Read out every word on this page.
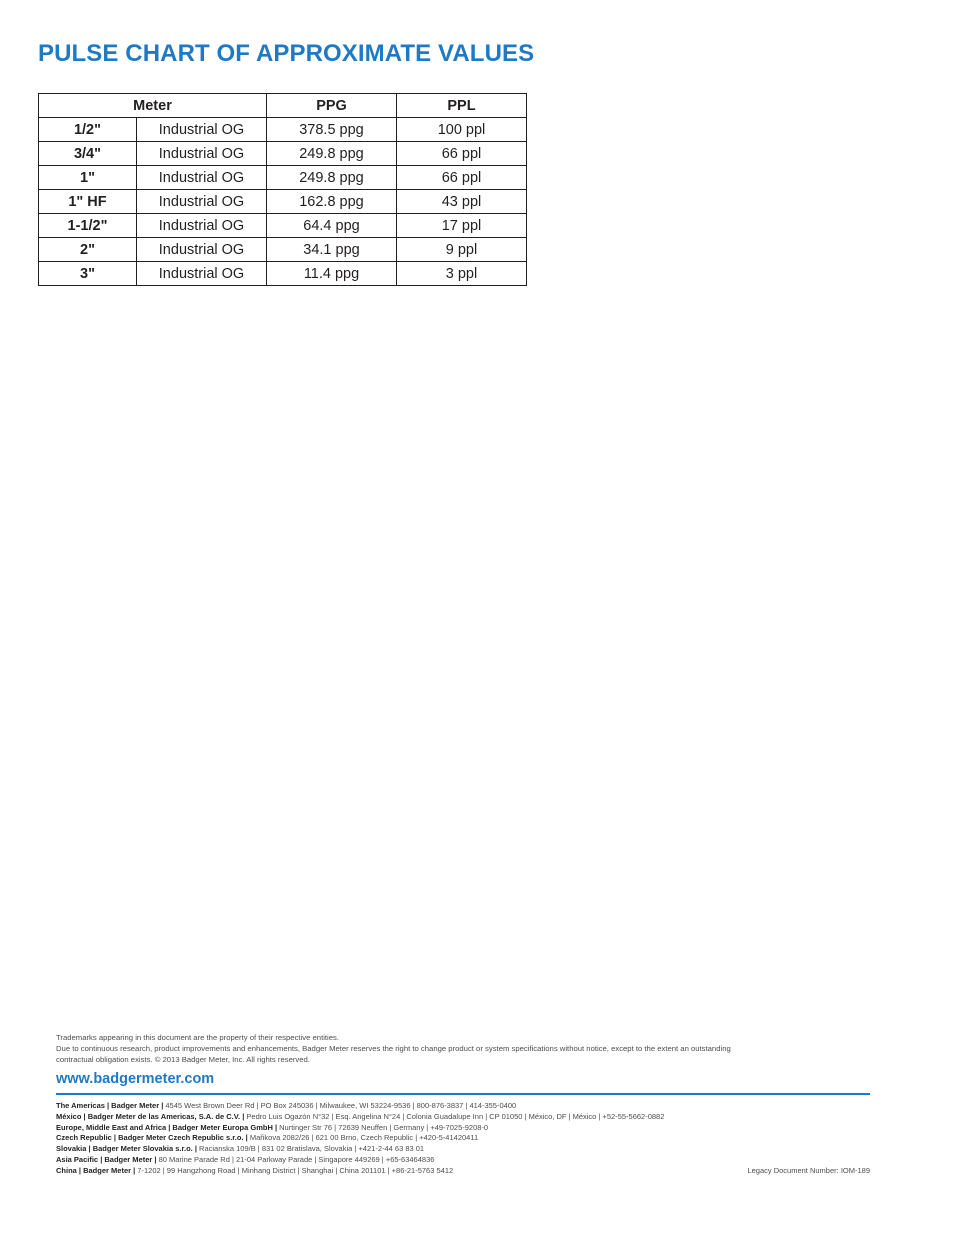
PULSE CHART OF APPROXIMATE VALUES
Meter		PPG	PPL
1/2"	Industrial OG	378.5 ppg	100 ppl
3/4"	Industrial OG	249.8 ppg	66 ppl
1"	Industrial OG	249.8 ppg	66 ppl
1" HF	Industrial OG	162.8 ppg	43 ppl
1-1/2"	Industrial OG	64.4 ppg	17 ppl
2"	Industrial OG	34.1 ppg	9 ppl
3"	Industrial OG	11.4 ppg	3 ppl
Trademarks appearing in this document are the property of their respective entities.
Due to continuous research, product improvements and enhancements, Badger Meter reserves the right to change product or system specifications without notice, except to the extent an outstanding
contractual obligation exists. © 2013 Badger Meter, Inc. All rights reserved.
www.badgermeter.com
The Americas | Badger Meter | 4545 West Brown Deer Rd | PO Box 245036 | Milwaukee, WI 53224-9536 | 800-876-3837 | 414-355-0400
México | Badger Meter de las Americas, S.A. de C.V. | Pedro Luis Ogazón N°32 | Esq. Angelina N°24 | Colonia Guadalupe Inn | CP 01050 | México, DF | México | +52-55-5662-0882
Europe, Middle East and Africa | Badger Meter Europa GmbH | Nurtinger Str 76 | 72639 Neuffen | Germany | +49-7025-9208-0
Czech Republic | Badger Meter Czech Republic s.r.o. | Mařikova 2082/26 | 621 00 Brno, Czech Republic | +420-5-41420411
Slovakia | Badger Meter Slovakia s.r.o. | Racianska 109/B | 831 02 Bratislava, Slovakia | +421-2-44 63 83 01
Asia Pacific | Badger Meter | 80 Marine Parade Rd | 21-04 Parkway Parade | Singapore 449269 | +65-63464836
China | Badger Meter | 7-1202 | 99 Hangzhong Road | Minhang District | Shanghai | China 201101 | +86-21-5763 5412	Legacy Document Number: IOM-189
